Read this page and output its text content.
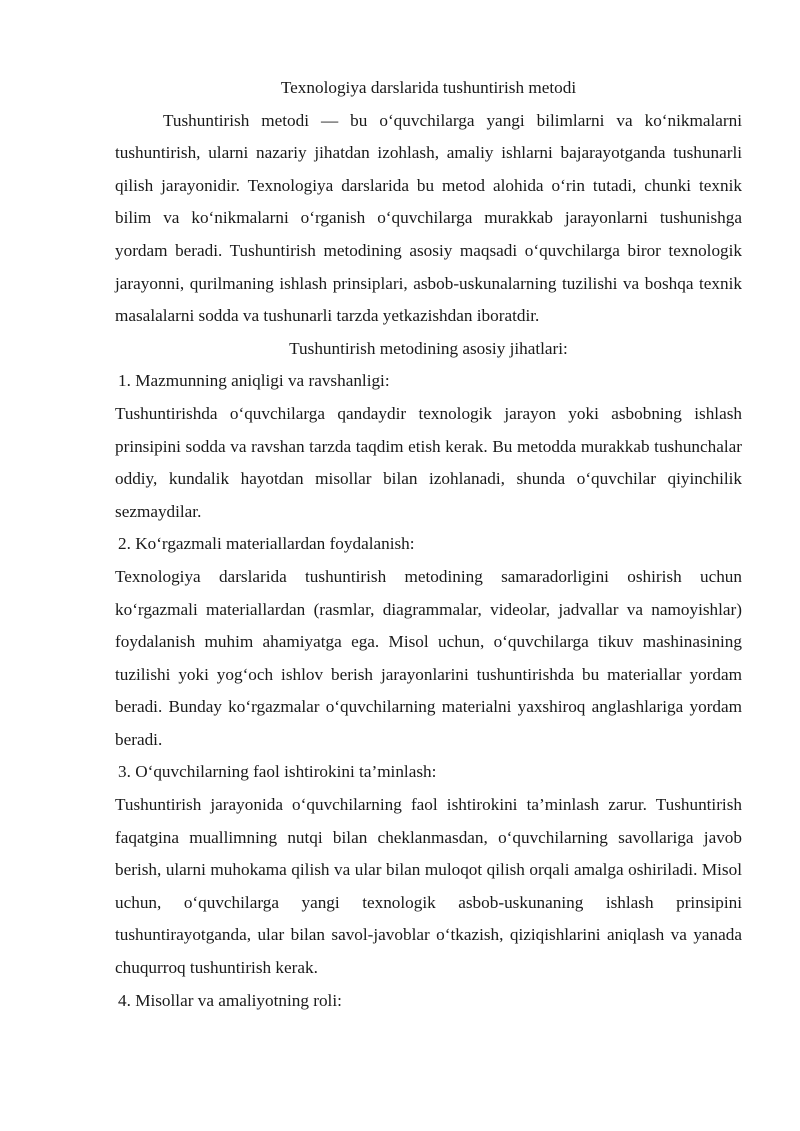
Texnologiya darslarida tushuntirish metodi

Tushuntirish metodi — bu o‘quvchilarga yangi bilimlarni va ko‘nikmalarni tushuntirish, ularni nazariy jihatdan izohlash, amaliy ishlarni bajarayotganda tushunarli qilish jarayonidir. Texnologiya darslarida bu metod alohida o‘rin tutadi, chunki texnik bilim va ko‘nikmalarni o‘rganish o‘quvchilarga murakkab jarayonlarni tushunishga yordam beradi. Tushuntirish metodining asosiy maqsadi o‘quvchilarga biror texnologik jarayonni, qurilmaning ishlash prinsiplari, asbob-uskunalarning tuzilishi va boshqa texnik masalalarni sodda va tushunarli tarzda yetkazishdan iboratdir.

Tushuntirish metodining asosiy jihatlari:

1. Mazmunning aniqligi va ravshanligi:

Tushuntirishda o‘quvchilarga qandaydir texnologik jarayon yoki asbobning ishlash prinsipini sodda va ravshan tarzda taqdim etish kerak. Bu metodda murakkab tushunchalar oddiy, kundalik hayotdan misollar bilan izohlanadi, shunda o‘quvchilar qiyinchilik sezmaydilar.

2. Ko‘rgazmali materiallardan foydalanish:

Texnologiya darslarida tushuntirish metodining samaradorligini oshirish uchun ko‘rgazmali materiallardan (rasmlar, diagrammalar, videolar, jadvallar va namoyishlar) foydalanish muhim ahamiyatga ega. Misol uchun, o‘quvchilarga tikuv mashinasining tuzilishi yoki yog‘och ishlov berish jarayonlarini tushuntirishda bu materiallar yordam beradi. Bunday ko‘rgazmalar o‘quvchilarning materialni yaxshiroq anglashlariga yordam beradi.

3. O‘quvchilarning faol ishtirokini ta’minlash:

Tushuntirish jarayonida o‘quvchilarning faol ishtirokini ta’minlash zarur. Tushuntirish faqatgina muallimning nutqi bilan cheklanmasdan, o‘quvchilarning savollariga javob berish, ularni muhokama qilish va ular bilan muloqot qilish orqali amalga oshiriladi. Misol uchun, o‘quvchilarga yangi texnologik asbob-uskunaning ishlash prinsipini tushuntirayotganda, ular bilan savol-javoblar o‘tkazish, qiziqishlarini aniqlash va yanada chuqurroq tushuntirish kerak.

4. Misollar va amaliyotning roli:
